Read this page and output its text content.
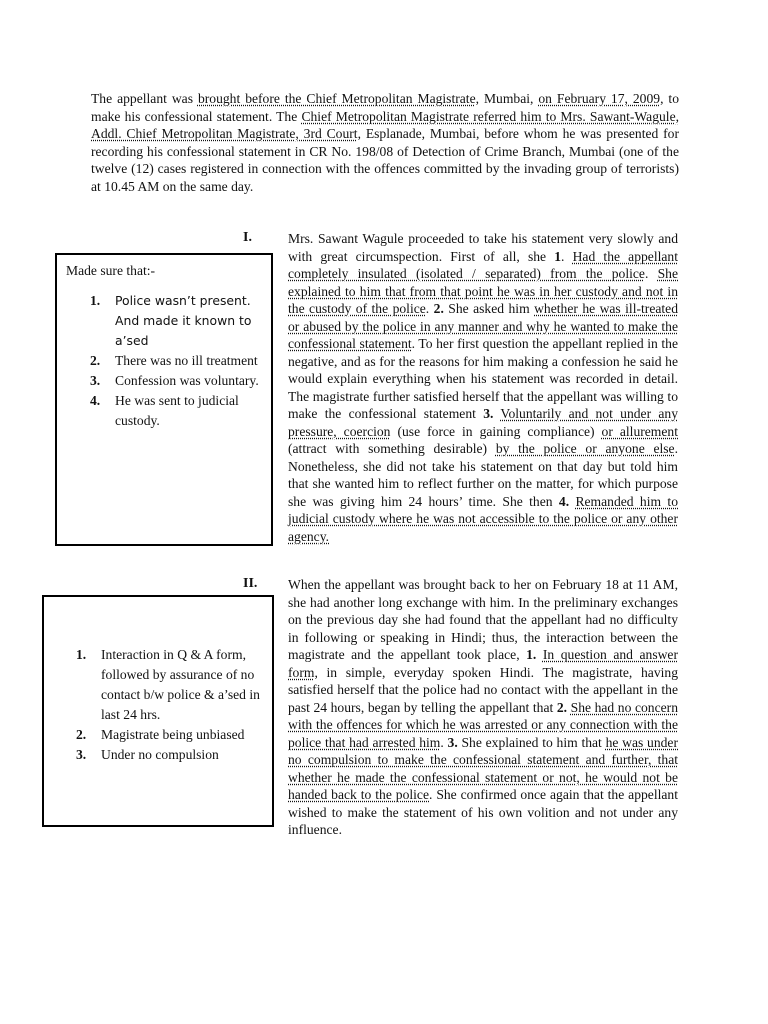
The appellant was brought before the Chief Metropolitan Magistrate, Mumbai, on February 17, 2009, to make his confessional statement. The Chief Metropolitan Magistrate referred him to Mrs. Sawant-Wagule, Addl. Chief Metropolitan Magistrate, 3rd Court, Esplanade, Mumbai, before whom he was presented for recording his confessional statement in CR No. 198/08 of Detection of Crime Branch, Mumbai (one of the twelve (12) cases registered in connection with the offences committed by the invading group of terrorists) at 10.45 AM on the same day.

I.

Made sure that:-

1. Police wasn’t present. And made it known to a’sed
2. There was no ill treatment
3. Confession was voluntary.
4. He was sent to judicial custody.

Mrs. Sawant Wagule proceeded to take his statement very slowly and with great circumspection. First of all, she 1. Had the appellant completely insulated (isolated / separated) from the police. She explained to him that from that point he was in her custody and not in the custody of the police. 2. She asked him whether he was ill-treated or abused by the police in any manner and why he wanted to make the confessional statement. To her first question the appellant replied in the negative, and as for the reasons for him making a confession he said he would explain everything when his statement was recorded in detail. The magistrate further satisfied herself that the appellant was willing to make the confessional statement 3. Voluntarily and not under any pressure, coercion (use force in gaining compliance) or allurement (attract with something desirable) by the police or anyone else. Nonetheless, she did not take his statement on that day but told him that she wanted him to reflect further on the matter, for which purpose she was giving him 24 hours’ time. She then 4. Remanded him to judicial custody where he was not accessible to the police or any other agency.

II.
1. Interaction in Q & A form, followed by assurance of no contact b/w police & a’sed in last 24 hrs.
2. Magistrate being unbiased
3. Under no compulsion

When the appellant was brought back to her on February 18 at 11 AM, she had another long exchange with him. In the preliminary exchanges on the previous day she had found that the appellant had no difficulty in following or speaking in Hindi; thus, the interaction between the magistrate and the appellant took place, 1. In question and answer form, in simple, everyday spoken Hindi. The magistrate, having satisfied herself that the police had no contact with the appellant in the past 24 hours, began by telling the appellant that 2. She had no concern with the offences for which he was arrested or any connection with the police that had arrested him. 3. She explained to him that he was under no compulsion to make the confessional statement and further, that whether he made the confessional statement or not, he would not be handed back to the police. She confirmed once again that the appellant wished to make the statement of his own volition and not under any influence.
